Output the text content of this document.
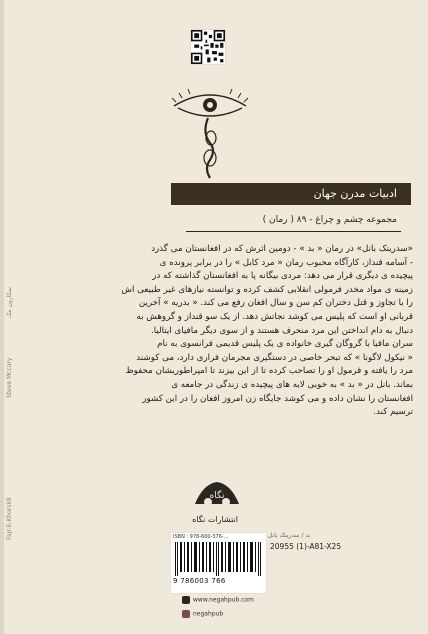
سکارون مک
Steve Mccary
Fajr-E-Khorsidi
ادبیات مدرن جهان
مجموعه چشم و چراغ - ۸۹ ( رمان )

«سدرینک بانل» در رمان « بد » - دومین اثرش که در افغانستان می گذرد

- آسامه قنداز، کارآگاه محبوب رمان « مرد کابل » را در برابر پرونده ی

پیچیده ی دیگری قرار می دهد: مردی بیگانه پا به افغانستان گذاشته که در

زمینه ی مواد مخدر فرمولی انقلابی کشف کرده و توانسته نیازهای غیر طبیعی اش

را با تجاوز و قتل دختران کم سن و سال افغان رفع می کند. « بدریه » آخرین

قربانی او است که پلیس می کوشد نجاتش دهد. از یک سو قنداز و گروهش به

دنبال به دام انداختن این مرد منحرف هستند و از سوی دیگر مافیای ایتالیا.

سران مافیا با گروگان گیری خانواده ی یک پلیس قدیمی فرانسوی به نام

« نیکول لاگونا » که تبحر خاصی در دستگیری مجرمان فراری دارد، می کوشند

مرد را یافته و فرمول او را تصاحب کرده تا از این بیزند تا امپراطوریشان محفوظ

بماند. بانل در « بد » به خوبی لایه های پیچیده ی زندگی در جامعه ی

افغانستان را نشان داده و می کوشد جایگاه زن امروز افغان را در این کشور

ترسیم کند.

نگاه
انتشارات نگاه
ISBN : 978-600-376-...
9 786003 766
بد / سدرینک بانل
20955 (1)-A81-X25
www.negahpub.com
negahpub
